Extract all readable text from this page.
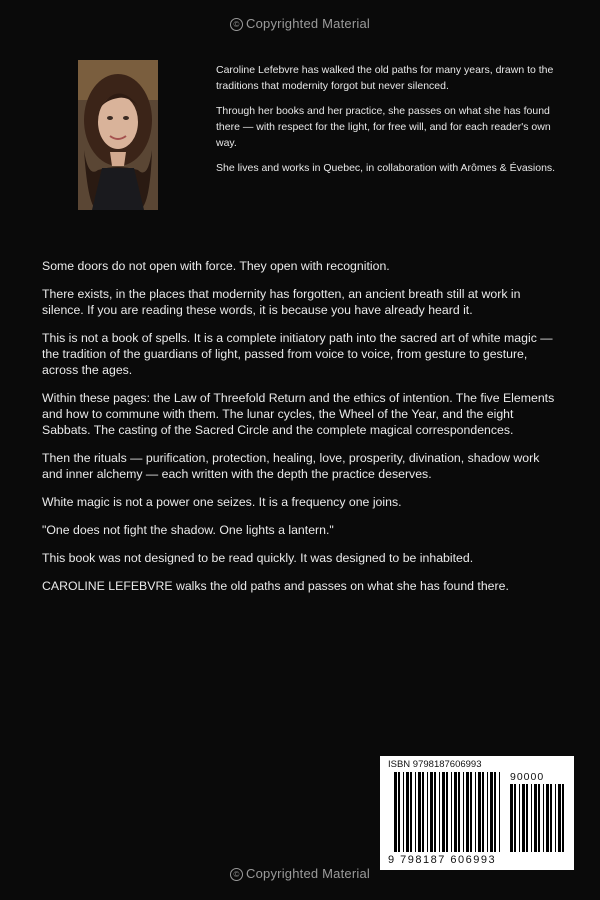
© Copyrighted Material

Caroline Lefebvre has walked the old paths for many years, drawn to the traditions that modernity forgot but never silenced.

Through her books and her practice, she passes on what she has found there — with respect for the light, for free will, and for each reader's own way.

She lives and works in Quebec, in collaboration with Arômes & Évasions.

Some doors do not open with force. They open with recognition.

There exists, in the places that modernity has forgotten, an ancient breath still at work in silence. If you are reading these words, it is because you have already heard it.

This is not a book of spells. It is a complete initiatory path into the sacred art of white magic — the tradition of the guardians of light, passed from voice to voice, from gesture to gesture, across the ages.

Within these pages: the Law of Threefold Return and the ethics of intention. The five Elements and how to commune with them. The lunar cycles, the Wheel of the Year, and the eight Sabbats. The casting of the Sacred Circle and the complete magical correspondences.

Then the rituals — purification, protection, healing, love, prosperity, divination, shadow work and inner alchemy — each written with the depth the practice deserves.

White magic is not a power one seizes. It is a frequency one joins.

"One does not fight the shadow. One lights a lantern."

This book was not designed to be read quickly. It was designed to be inhabited.

CAROLINE LEFEBVRE walks the old paths and passes on what she has found there.

ISBN 9798187606993
90000
9 798187 606993
© Copyrighted Material
